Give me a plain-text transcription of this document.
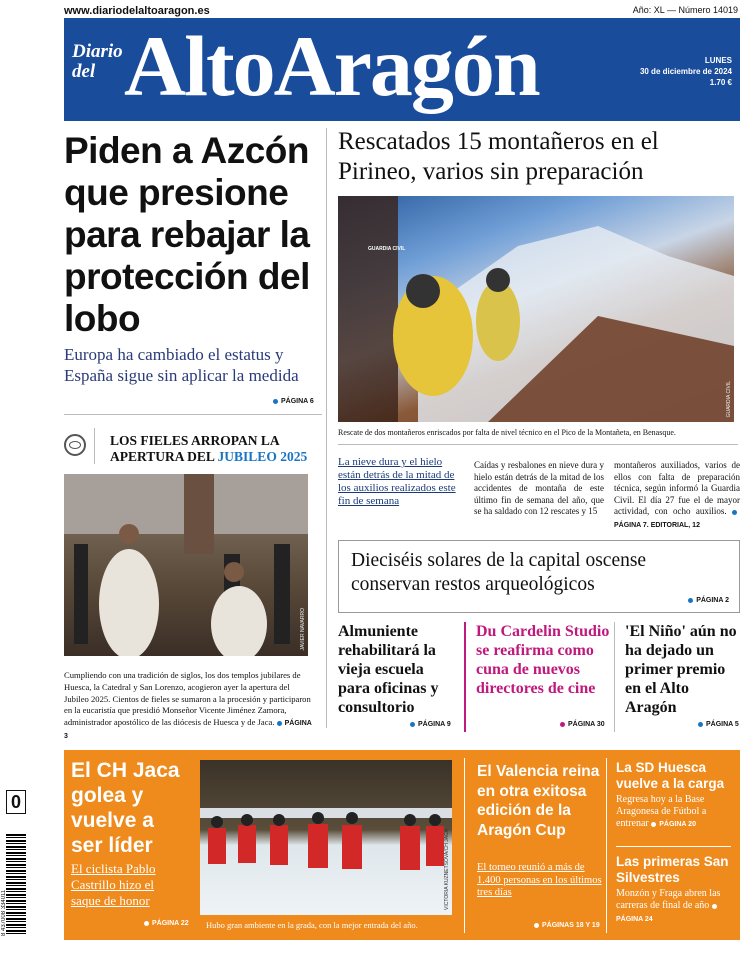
www.diariodelaltoaragon.es	Año: XL — Número 14019
Diario
del AltoAragón	LUNES
30 de diciembre de 2024
1.70 €
Piden a Azcón que presione para rebajar la protección del lobo
Europa ha cambiado el estatus y España sigue sin aplicar la medida
PÁGINA 6
Rescatados 15 montañeros en el Pirineo, varios sin preparación
GUARDIA CIVIL
GUARDIA CIVIL
Rescate de dos montañeros enriscados por falta de nivel técnico en el Pico de la Montañeta, en Benasque.
La nieve dura y el hielo están detrás de la mitad de los auxilios realizados este fin de semana
Caídas y resbalones en nieve dura y hielo están detrás de la mitad de los accidentes de montaña de este último fin de semana del año, que se ha saldado con 12 rescates y 15
montañeros auxiliados, varios de ellos con falta de preparación técnica, según informó la Guardia Civil. El día 27 fue el de mayor actividad, con ocho auxilios. PÁGINA 7. EDITORIAL, 12
LOS FIELES ARROPAN LA APERTURA DEL JUBILEO 2025
JAVIER NAVARRO
Cumpliendo con una tradición de siglos, los dos templos jubilares de Huesca, la Catedral y San Lorenzo, acogieron ayer la apertura del Jubileo 2025. Cientos de fieles se sumaron a la procesión y participaron en la eucaristía que presidió Monseñor Vicente Jiménez Zamora, administrador apostólico de las diócesis de Huesca y de Jaca. PÁGINA 3
Dieciséis solares de la capital oscense conservan restos arqueológicos
PÁGINA 2
Almuniente rehabilitará la vieja escuela para oficinas y consultorio
PÁGINA 9
Du Cardelin Studio se reafirma como cuna de nuevos directores de cine
PÁGINA 30
'El Niño' aún no ha dejado un primer premio en el Alto Aragón
PÁGINA 5
0
8 437008 334011
El CH Jaca golea y vuelve a ser líder
El ciclista Pablo Castrillo hizo el saque de honor
PÁGINA 22
VICTORIA KUZNETSOVA/CH JACA
Hubo gran ambiente en la grada, con la mejor entrada del año.
El Valencia reina en otra exitosa edición de la Aragón Cup
El torneo reunió a más de 1.400 personas en los últimos tres días
PÁGINAS 18 Y 19
La SD Huesca vuelve a la carga
Regresa hoy a la Base Aragonesa de Fútbol a entrenar PÁGINA 20
Las primeras San Silvestres
Monzón y Fraga abren las carreras de final de año PÁGINA 24
